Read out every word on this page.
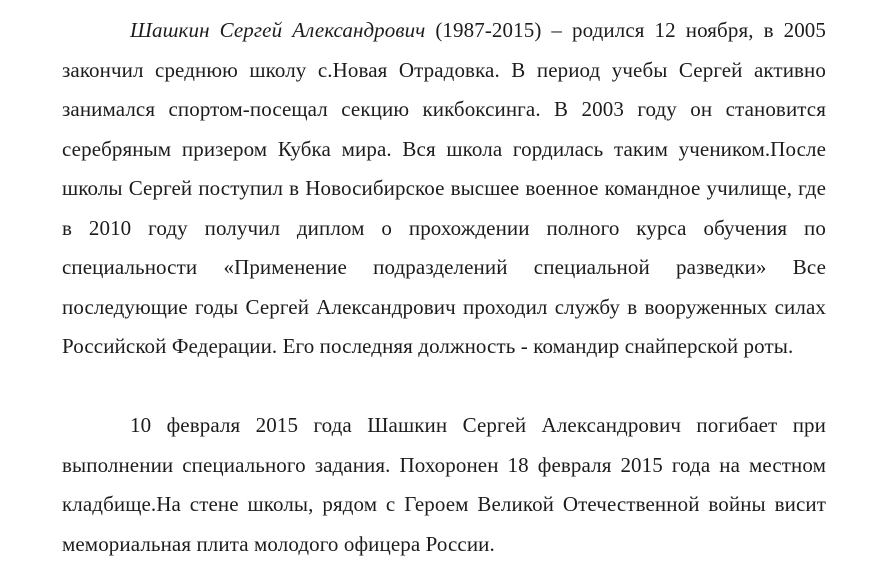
Шашкин Сергей Александрович (1987-2015) – родился 12 ноября, в 2005 закончил среднюю школу с.Новая Отрадовка. В период учебы Сергей активно занимался спортом-посещал секцию кикбоксинга. В 2003 году он становится серебряным призером Кубка мира. Вся школа гордилась таким учеником.После школы Сергей поступил в Новосибирское высшее военное командное училище, где в 2010 году получил диплом о прохождении полного курса обучения по специальности «Применение подразделений специальной разведки» Все последующие годы Сергей Александрович проходил службу в вооруженных силах Российской Федерации. Его последняя должность - командир снайперской роты.

10 февраля 2015 года Шашкин Сергей Александрович погибает при выполнении специального задания. Похоронен 18 февраля 2015 года на местном кладбище.На стене школы, рядом с Героем Великой Отечественной войны висит мемориальная плита молодого офицера России.
